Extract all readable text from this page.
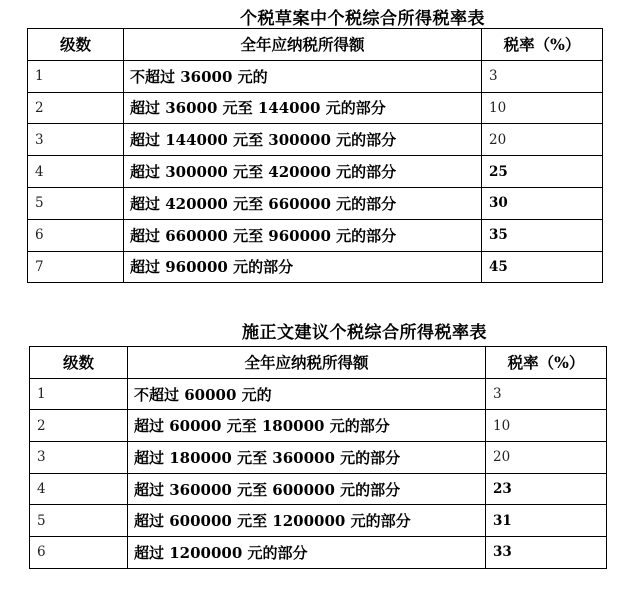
个税草案中个税综合所得税率表
级数	全年应纳税所得额	税率（%）
1	不超过 36000 元的	3
2	超过 36000 元至 144000 元的部分	10
3	超过 144000 元至 300000 元的部分	20
4	超过 300000 元至 420000 元的部分	25
5	超过 420000 元至 660000 元的部分	30
6	超过 660000 元至 960000 元的部分	35
7	超过 960000 元的部分	45
施正文建议个税综合所得税率表
级数	全年应纳税所得额	税率（%）
1	不超过 60000 元的	3
2	超过 60000 元至 180000 元的部分	10
3	超过 180000 元至 360000 元的部分	20
4	超过 360000 元至 600000 元的部分	23
5	超过 600000 元至 1200000 元的部分	31
6	超过 1200000 元的部分	33
